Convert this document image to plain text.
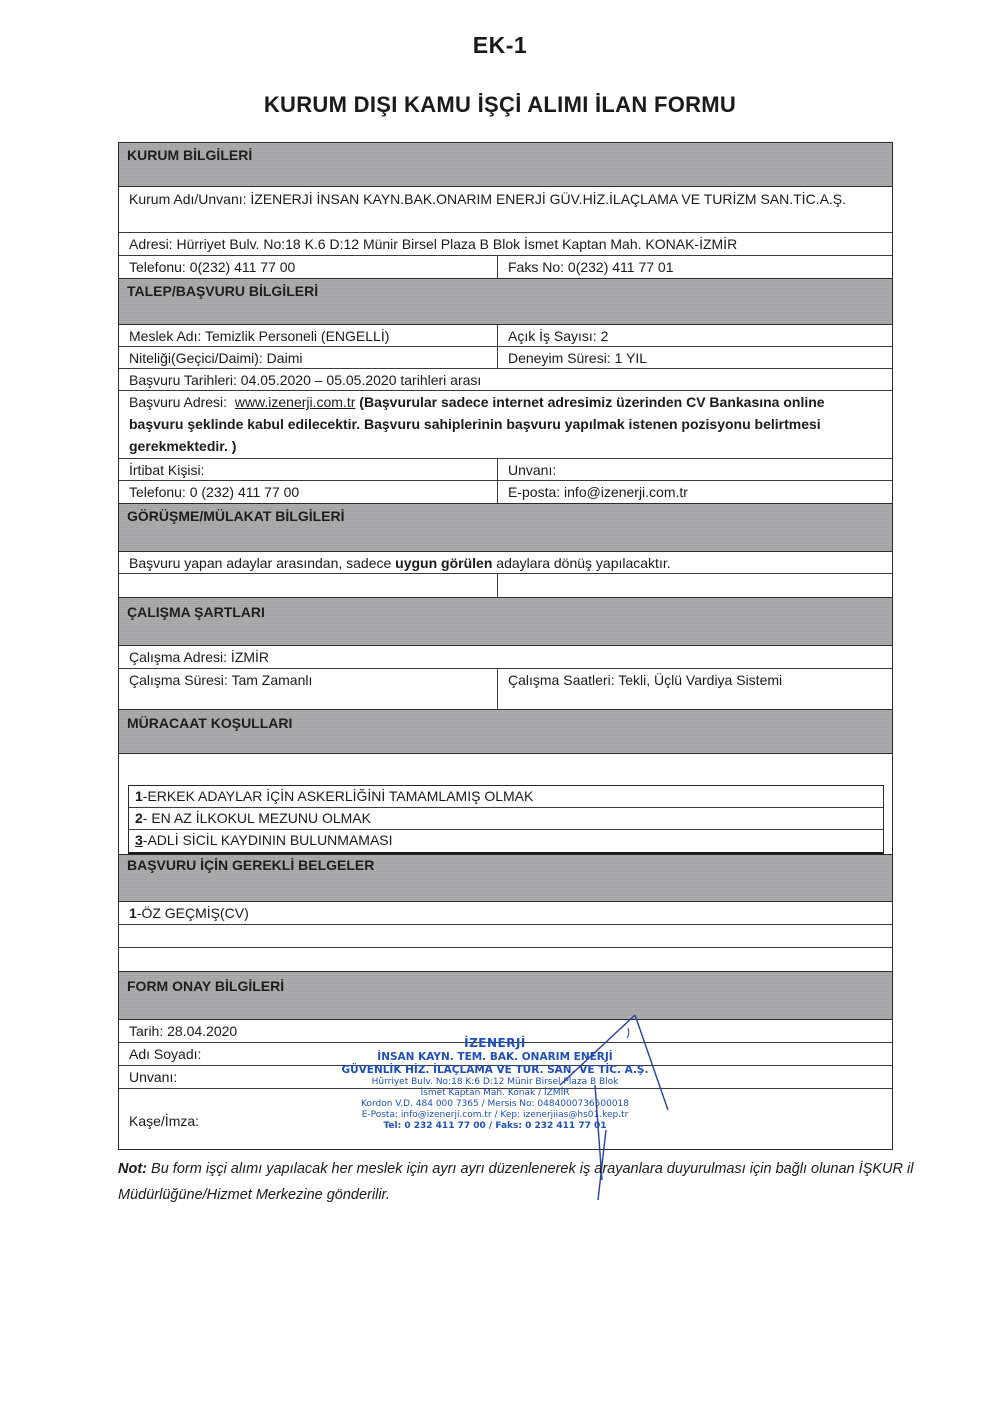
EK-1
KURUM DIŞI KAMU İŞÇİ ALIMI İLAN FORMU
KURUM BİLGİLERİ
Kurum Adı/Unvanı: İZENERJİ İNSAN KAYN.BAK.ONARIM ENERJİ GÜV.HİZ.İLAÇLAMA VE TURİZM SAN.TİC.A.Ş.
Adresi: Hürriyet Bulv. No:18 K.6 D:12 Münir Birsel Plaza B Blok İsmet Kaptan Mah. KONAK-İZMİR
Telefonu: 0(232) 411 77 00	Faks No: 0(232) 411 77 01
TALEP/BAŞVURU BİLGİLERİ
Meslek Adı: Temizlik Personeli (ENGELLİ)	Açık İş Sayısı: 2
Niteliği(Geçici/Daimi): Daimi	Deneyim Süresi: 1 YIL
Başvuru Tarihleri: 04.05.2020 – 05.05.2020 tarihleri arası
Başvuru Adresi:  www.izenerji.com.tr (Başvurular sadece internet adresimiz üzerinden CV Bankasına online başvuru şeklinde kabul edilecektir. Başvuru sahiplerinin başvuru yapılmak istenen pozisyonu belirtmesi gerekmektedir. )
İrtibat Kişisi:	Unvanı:
Telefonu: 0 (232) 411 77 00	E-posta: info@izenerji.com.tr
GÖRÜŞME/MÜLAKAT BİLGİLERİ
Başvuru yapan adaylar arasından, sadece uygun görülen adaylara dönüş yapılacaktır.
ÇALIŞMA ŞARTLARI
Çalışma Adresi: İZMİR
Çalışma Süresi: Tam Zamanlı	Çalışma Saatleri: Tekli, Üçlü Vardiya Sistemi
MÜRACAAT KOŞULLARI
1-ERKEK ADAYLAR İÇİN ASKERLİĞİNİ TAMAMLAMIŞ OLMAK
2- EN AZ İLKOKUL MEZUNU OLMAK
3-ADLİ SİCİL KAYDININ BULUNMAMASI
BAŞVURU İÇİN GEREKLİ BELGELER
1-ÖZ GEÇMİŞ(CV)
FORM ONAY BİLGİLERİ
Tarih: 28.04.2020
Adı Soyadı:
Unvanı:
Kaşe/İmza:
İZENERJİ
İNSAN KAYN. TEM. BAK. ONARIM ENERJİ
GÜVENLİK HİZ. İLAÇLAMA VE TUR. SAN. VE TİC. A.Ş.
Hürriyet Bulv. No:18 K:6 D:12 Münir Birsel Plaza B Blok
İsmet Kaptan Mah. Konak / İZMİR
Kordon V.D. 484 000 7365 / Mersis No: 0484000736500018
E-Posta: info@izenerji.com.tr / Kep: izenerjiias@hs01.kep.tr
Tel: 0 232 411 77 00 / Faks: 0 232 411 77 01
Not: Bu form işçi alımı yapılacak her meslek için ayrı ayrı düzenlenerek iş arayanlara duyurulması için bağlı olunan İŞKUR il Müdürlüğüne/Hizmet Merkezine gönderilir.
